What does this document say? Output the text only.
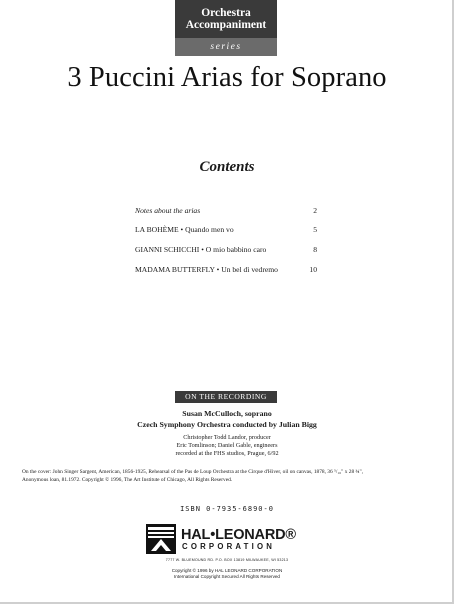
Orchestra
Accompaniment
series
3 Puccini Arias for Soprano
Contents
Notes about the arias	2
LA BOHÈME • Quando men vo	5
GIANNI SCHICCHI • O mio babbino caro	8
MADAMA BUTTERFLY • Un bel dì vedremo	10
ON THE RECORDING
Susan McCulloch, soprano
Czech Symphony Orchestra conducted by Julian Bigg
Christopher Todd Landor, producer
Eric Tomlinson; Daniel Gable, engineers
recorded at the FHS studios, Prague, 6/92
On the cover: John Singer Sargent, American, 1856-1925, Rehearsal of the Pas de Loup Orchestra at the Cirque d'Hiver, oil on canvas, 1878, 36 ⁵/₁₆" x 28 ¾",
Anonymous loan, 81.1972. Copyright © 1996, The Art Institute of Chicago, All Rights Reserved.
ISBN 0-7935-6890-0
HAL•LEONARD®
CORPORATION
7777 W. BLUEMOUND RD. P.O. BOX 13819 MILWAUKEE, WI 53213
Copyright © 1996 by HAL LEONARD CORPORATION
International Copyright Secured All Rights Reserved
